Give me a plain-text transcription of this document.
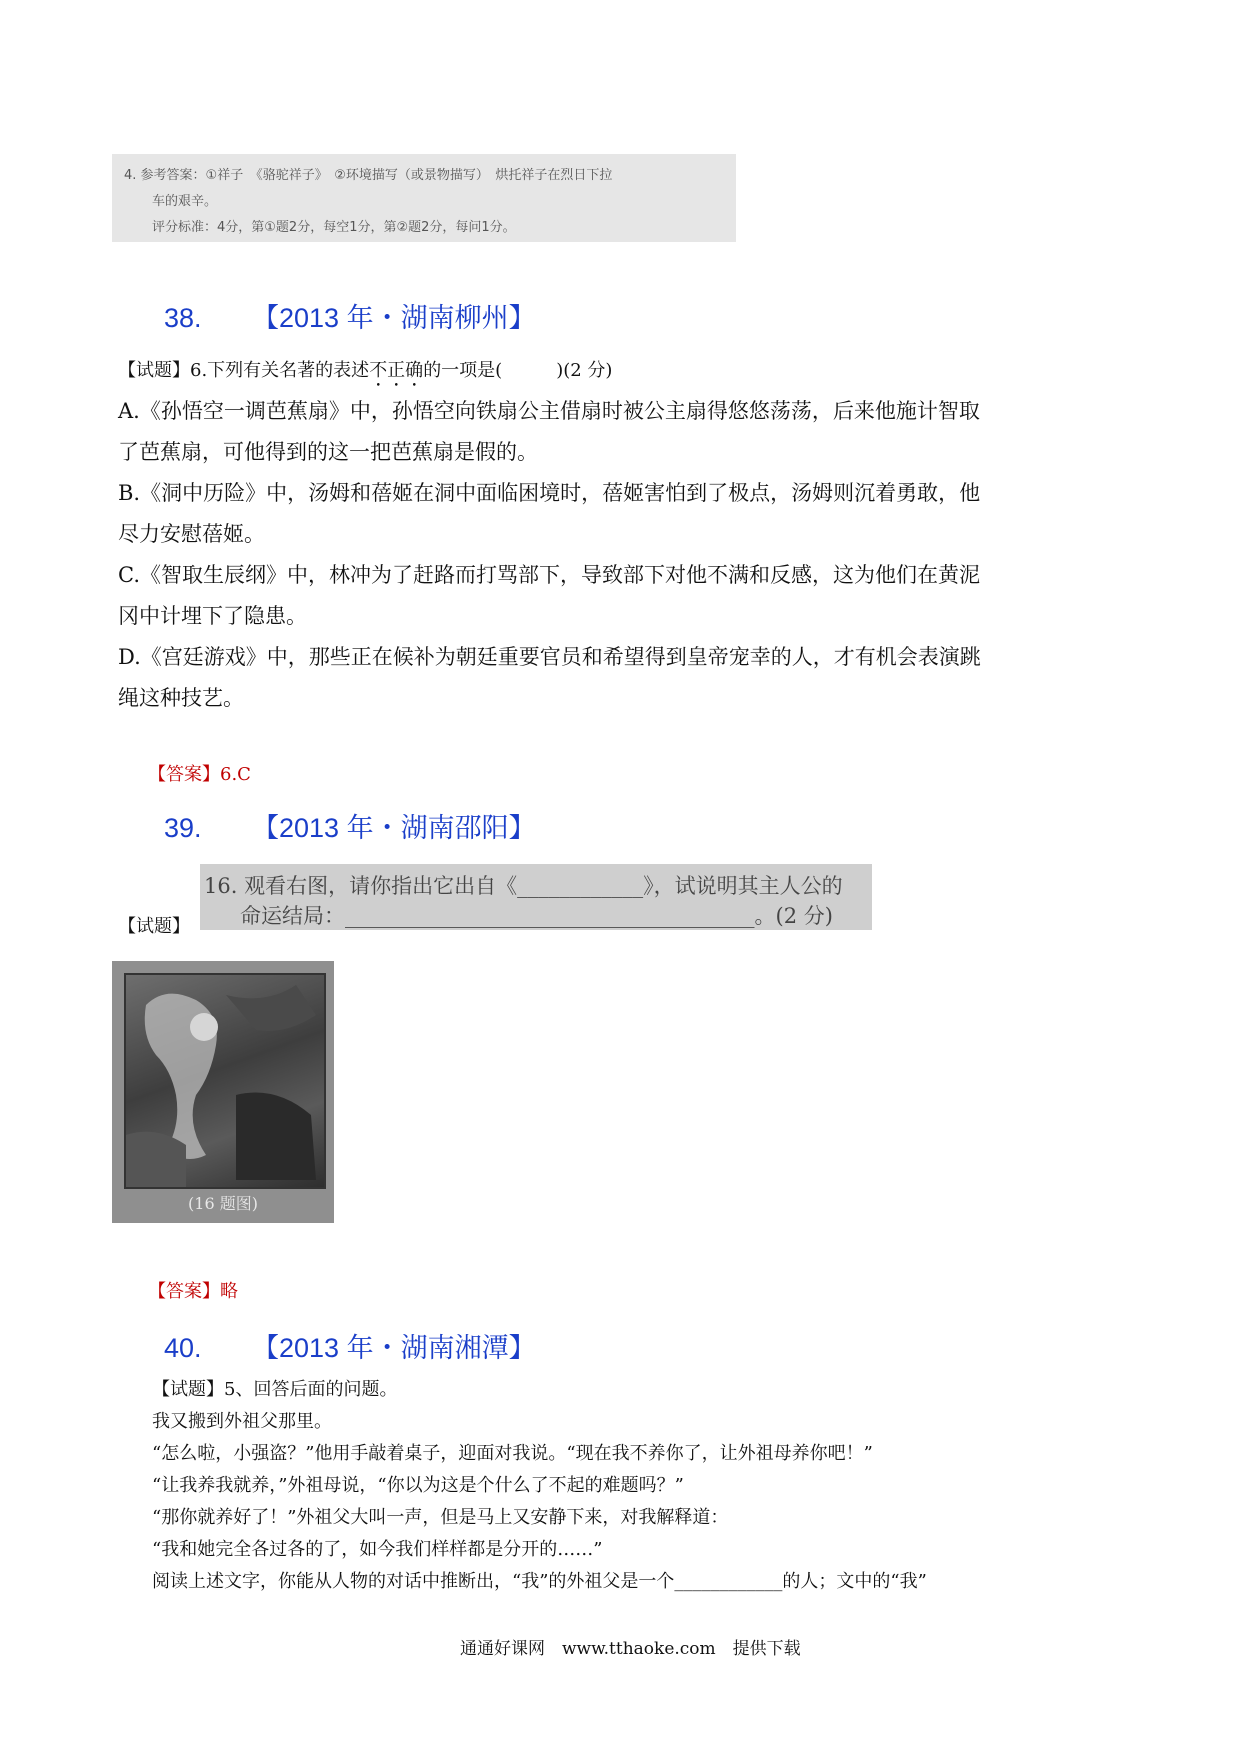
4. 参考答案：①祥子　《骆驼祥子》　②环境描写（或景物描写）　烘托祥子在烈日下拉
车的艰辛。
评分标准：4分，第①题2分，每空1分，第②题2分，每问1分。
38. 【2013 年・湖南柳州】
【试题】6.下列有关名著的表述不正确的一项是(　　　)(2 分)
A.《孙悟空一调芭蕉扇》中，孙悟空向铁扇公主借扇时被公主扇得悠悠荡荡，后来他施计智取
了芭蕉扇，可他得到的这一把芭蕉扇是假的。
B.《洞中历险》中，汤姆和蓓姬在洞中面临困境时，蓓姬害怕到了极点，汤姆则沉着勇敢，他
尽力安慰蓓姬。
C.《智取生辰纲》中，林冲为了赶路而打骂部下，导致部下对他不满和反感，这为他们在黄泥
冈中计埋下了隐患。
D.《宫廷游戏》中，那些正在候补为朝廷重要官员和希望得到皇帝宠幸的人，才有机会表演跳
绳这种技艺。
【答案】6.C
39. 【2013 年・湖南邵阳】
【试题】
16. 观看右图，请你指出它出自《____________》，试说明其主人公的
命运结局：_______________________________________。(2 分)
(16 题图)
【答案】略
40. 【2013 年・湖南湘潭】
【试题】5、回答后面的问题。
我又搬到外祖父那里。
“怎么啦，小强盗？”他用手敲着桌子，迎面对我说。“现在我不养你了，让外祖母养你吧！”
“让我养我就养，”外祖母说，“你以为这是个什么了不起的难题吗？”
“那你就养好了！”外祖父大叫一声，但是马上又安静下来，对我解释道：
“我和她完全各过各的了，如今我们样样都是分开的……”
阅读上述文字，你能从人物的对话中推断出，“我”的外祖父是一个____________的人；文中的“我”
通通好课网　www.tthaoke.com　提供下载
